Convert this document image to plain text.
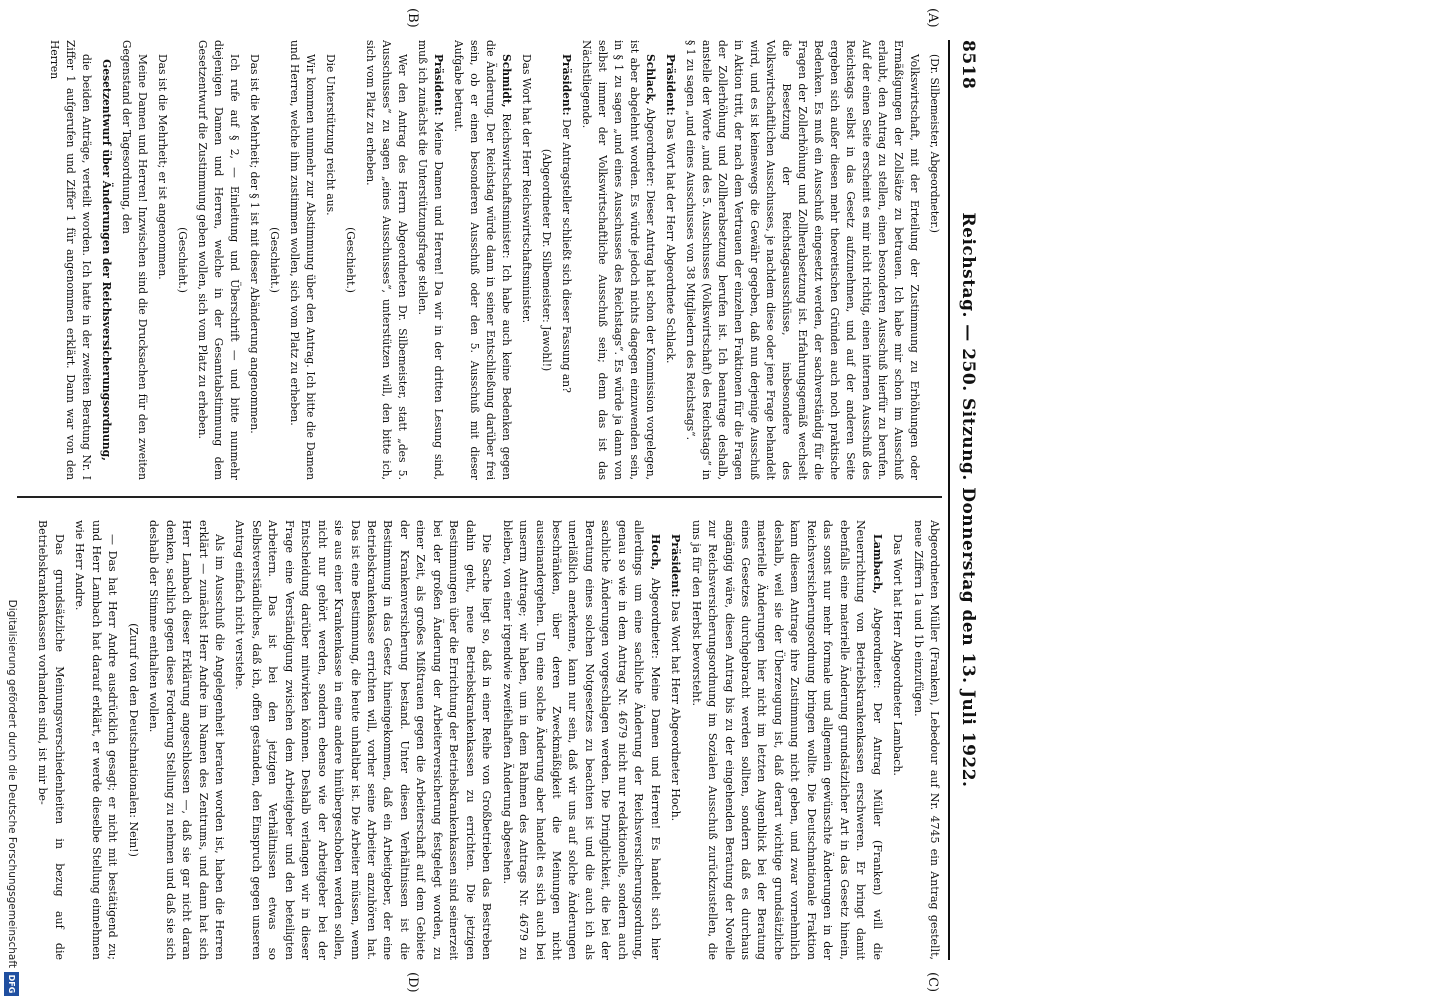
8518
Reichstag. — 250. Sitzung. Donnerstag den 13. Juli 1922.
(A)
(B)
(C)
(D)

(Dr. Silbemeister, Abgeordneter.)

Volkswirtschaft, mit der Erteilung der Zustimmung zu Erhöhungen oder Ermäßigungen der Zollsätze zu betrauen. Ich habe mir schon im Ausschuß erlaubt, den Antrag zu stellen, einen besonderen Ausschuß hierfür zu berufen. Auf der einen Seite erscheint es mir nicht richtig, einen internen Ausschuß des Reichstags selbst in das Gesetz aufzunehmen, und auf der anderen Seite ergeben sich außer diesen mehr theoretischen Gründen auch noch praktische Bedenken. Es muß ein Ausschuß eingesetzt werden, der sachverständig für die Fragen der Zollerhöhung und Zollherabsetzung ist. Erfahrungsgemäß wechselt die Besetzung der Reichstagsausschüsse, insbesondere des Volkswirtschaftlichen Ausschusses, je nachdem diese oder jene Frage behandelt wird, und es ist keineswegs die Gewähr gegeben, daß nun derjenige Ausschuß in Aktion tritt, der nach dem Vertrauen der einzelnen Fraktionen für die Fragen der Zollerhöhung und Zollherabsetzung berufen ist. Ich beantrage deshalb, anstelle der Worte „und des 5. Ausschusses (Volkswirtschaft) des Reichstags“ in § 1 zu sagen „und eines Ausschusses von 38 Mitgliedern des Reichstags“.

Präsident: Das Wort hat der Herr Abgeordnete Schlack.

Schlack, Abgeordneter: Dieser Antrag hat schon der Kommission vorgelegen, ist aber abgelehnt worden. Es würde jedoch nichts dagegen einzuwenden sein, in § 1 zu sagen „und eines Ausschusses des Reichstags“. Es würde ja dann von selbst immer der Volkswirtschaftliche Ausschuß sein; denn das ist das Nächstliegende.

Präsident: Der Antragsteller schließt sich dieser Fassung an?

(Abgeordneter Dr. Silbemeister: Jawohl!)

Das Wort hat der Herr Reichswirtschaftsminister.

Schmidt, Reichswirtschaftsminister: Ich habe auch keine Bedenken gegen die Änderung. Der Reichstag würde dann in seiner Entschließung darüber frei sein, ob er einen besonderen Ausschuß oder den 5. Ausschuß mit dieser Aufgabe betraut.

Präsident: Meine Damen und Herren! Da wir in der dritten Lesung sind, muß ich zunächst die Unterstützungsfrage stellen.

Wer den Antrag des Herrn Abgeordneten Dr. Silbemeister, statt „des 5. Ausschusses“ zu sagen „eines Ausschusses“, unterstützen will, den bitte ich, sich vom Platz zu erheben.

(Geschieht.)

Die Unterstützung reicht aus.

Wir kommen nunmehr zur Abstimmung über den Antrag. Ich bitte die Damen und Herren, welche ihm zustimmen wollen, sich vom Platz zu erheben.

(Geschieht.)

Das ist die Mehrheit; der § 1 ist mit dieser Abänderung angenommen.

Ich rufe auf § 2, — Einleitung und Überschrift — und bitte nunmehr diejenigen Damen und Herren, welche in der Gesamtabstimmung dem Gesetzentwurf die Zustimmung geben wollen, sich vom Platz zu erheben.

(Geschieht.)

Das ist die Mehrheit; er ist angenommen.

Meine Damen und Herren! Inzwischen sind die Drucksachen für den zweiten Gegenstand der Tagesordnung, den

Gesetzentwurf über Änderungen der Reichsversicherungsordnung,

die beiden Anträge, verteilt worden. Ich hatte in der zweiten Beratung Nr. I Ziffer 1 aufgerufen und Ziffer 1 für angenommen erklärt. Dann war von den Herren

Abgeordneten Müller (Franken), Lebedour auf Nr. 4745 ein Antrag gestellt, neue Ziffern 1a und 1b einzufügen.

Das Wort hat Herr Abgeordneter Lambach.

Lambach, Abgeordneter: Der Antrag Müller (Franken) will die Neuerrichtung von Betriebskrankenkassen erschweren. Er bringt damit ebenfalls eine materielle Änderung grundsätzlicher Art in das Gesetz hinein, das sonst nur mehr formale und allgemein gewünschte Änderungen in der Reichsversicherungsordnung bringen wollte. Die Deutschnationale Fraktion kann diesem Antrage ihre Zustimmung nicht geben, und zwar vornehmlich deshalb, weil sie der Überzeugung ist, daß derart wichtige grundsätzliche materielle Änderungen hier nicht im letzten Augenblick bei der Beratung eines Gesetzes durchgebracht werden sollten, sondern daß es durchaus angängig wäre, diesen Antrag bis zu der eingehenden Beratung der Novelle zur Reichsversicherungsordnung im Sozialen Ausschuß zurückzustellen, die uns ja für den Herbst bevorsteht.

Präsident: Das Wort hat Herr Abgeordneter Hoch.

Hoch, Abgeordneter: Meine Damen und Herren! Es handelt sich hier allerdings um eine sachliche Änderung der Reichsversicherungsordnung, genau so wie in dem Antrag Nr. 4679 nicht nur redaktionelle, sondern auch sachliche Änderungen vorgeschlagen werden. Die Dringlichkeit, die bei der Beratung eines solchen Notgesetzes zu beachten ist und die auch ich als unerläßlich anerkenne, kann nur sein, daß wir uns auf solche Änderungen beschränken, über deren Zweckmäßigkeit die Meinungen nicht auseinandergehen. Um eine solche Änderung aber handelt es sich auch bei unserm Antrage; wir haben, um in dem Rahmen des Antrags Nr. 4679 zu bleiben, von einer irgendwie zweifelhaften Änderung abgesehen.

Die Sache liegt so, daß in einer Reihe von Großbetrieben das Bestreben dahin geht, neue Betriebskrankenkassen zu errichten. Die jetzigen Bestimmungen über die Errichtung der Betriebskrankenkassen sind seinerzeit bei der großen Änderung der Arbeiterversicherung festgelegt worden, zu einer Zeit, als großes Mißtrauen gegen die Arbeiterschaft auf dem Gebiete der Krankenversicherung bestand. Unter diesen Verhältnissen ist die Bestimmung in das Gesetz hineingekommen, daß ein Arbeitgeber, der eine Betriebskrankenkasse errichten will, vorher seine Arbeiter anzuhören hat. Das ist eine Bestimmung, die heute unhaltbar ist. Die Arbeiter müssen, wenn sie aus einer Krankenkasse in eine andere hinübergeschoben werden sollen, nicht nur gehört werden, sondern ebenso wie der Arbeitgeber bei der Entscheidung darüber mitwirken können. Deshalb verlangen wir in dieser Frage eine Verständigung zwischen dem Arbeitgeber und den beteiligten Arbeitern. Das ist bei den jetzigen Verhältnissen etwas so Selbstverständliches, daß ich, offen gestanden, den Einspruch gegen unseren Antrag einfach nicht verstehe.

Als im Ausschuß die Angelegenheit beraten worden ist, haben die Herren erklärt — zunächst Herr Andre im Namen des Zentrums, und dann hat sich Herr Lambach dieser Erklärung angeschlossen —, daß sie gar nicht daran denken, sachlich gegen diese Forderung Stellung zu nehmen und daß sie sich deshalb der Stimme enthalten wollen.

(Zuruf von den Deutschnationalen: Nein!)

— Das hat Herr Andre ausdrücklich gesagt; er nicht mit bestätigend zu; und Herr Lambach hat darauf erklärt, er werde dieselbe Stellung einnehmen wie Herr Andre.

Das grundsätzliche Meinungsverschiedenheiten in bezug auf die Betriebskrankenkassen vorhanden sind, ist mir be-

Digitalisierung gefördert durch die Deutsche Forschungsgemeinschaft
DFG
